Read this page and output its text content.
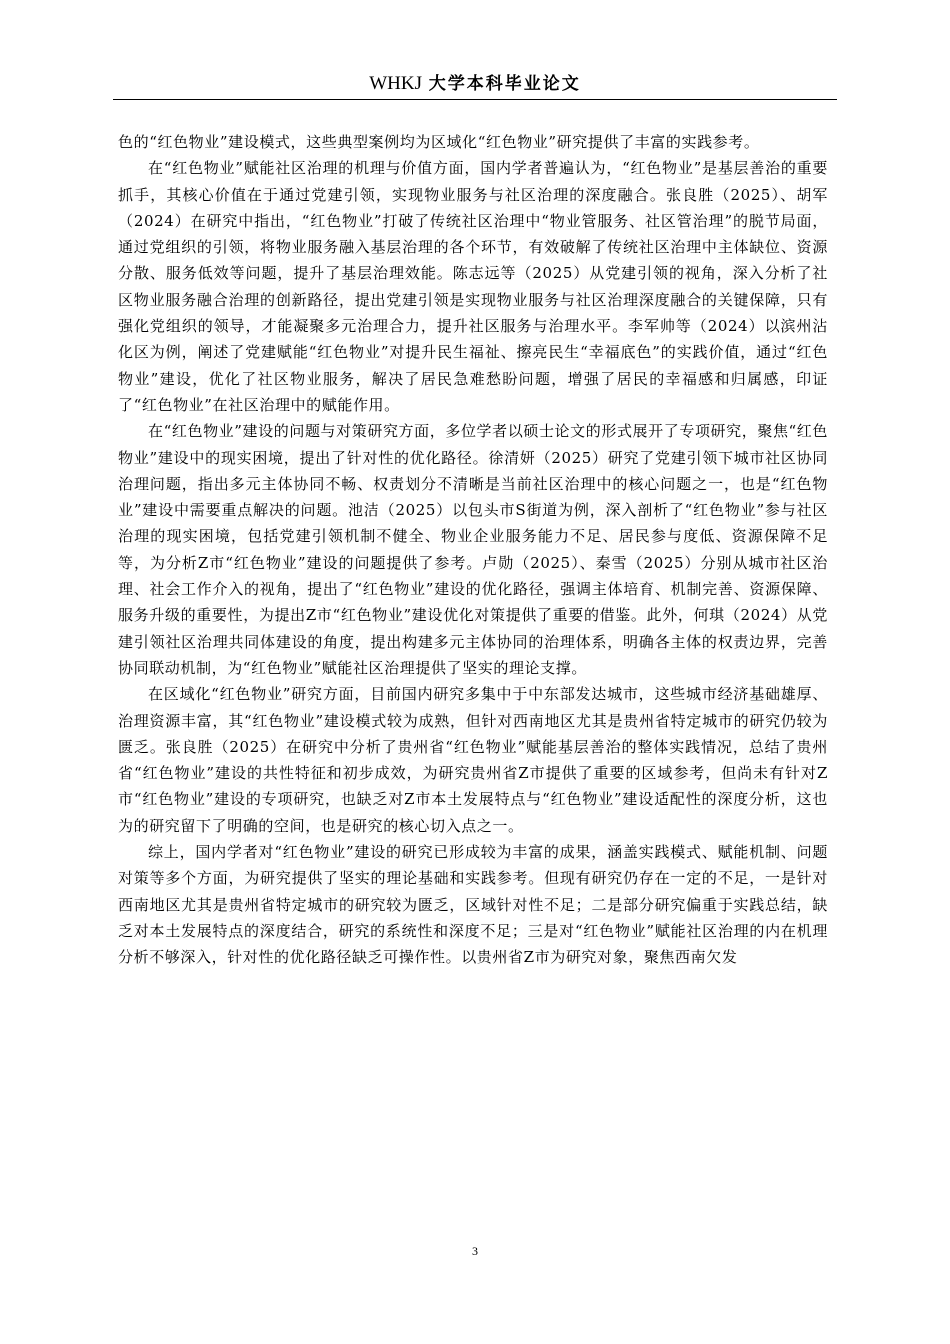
WHKJ 大学本科毕业论文

色的“红色物业”建设模式，这些典型案例均为区域化“红色物业”研究提供了丰富的实践参考。

在“红色物业”赋能社区治理的机理与价值方面，国内学者普遍认为，“红色物业”是基层善治的重要抓手，其核心价值在于通过党建引领，实现物业服务与社区治理的深度融合。张良胜（2025）、胡军（2024）在研究中指出，“红色物业”打破了传统社区治理中“物业管服务、社区管治理”的脱节局面，通过党组织的引领，将物业服务融入基层治理的各个环节，有效破解了传统社区治理中主体缺位、资源分散、服务低效等问题，提升了基层治理效能。陈志远等（2025）从党建引领的视角，深入分析了社区物业服务融合治理的创新路径，提出党建引领是实现物业服务与社区治理深度融合的关键保障，只有强化党组织的领导，才能凝聚多元治理合力，提升社区服务与治理水平。李军帅等（2024）以滨州沾化区为例，阐述了党建赋能“红色物业”对提升民生福祉、擦亮民生“幸福底色”的实践价值，通过“红色物业”建设，优化了社区物业服务，解决了居民急难愁盼问题，增强了居民的幸福感和归属感，印证了“红色物业”在社区治理中的赋能作用。

在“红色物业”建设的问题与对策研究方面，多位学者以硕士论文的形式展开了专项研究，聚焦“红色物业”建设中的现实困境，提出了针对性的优化路径。徐清妍（2025）研究了党建引领下城市社区协同治理问题，指出多元主体协同不畅、权责划分不清晰是当前社区治理中的核心问题之一，也是“红色物业”建设中需要重点解决的问题。池洁（2025）以包头市S街道为例，深入剖析了“红色物业”参与社区治理的现实困境，包括党建引领机制不健全、物业企业服务能力不足、居民参与度低、资源保障不足等，为分析Z市“红色物业”建设的问题提供了参考。卢勋（2025）、秦雪（2025）分别从城市社区治理、社会工作介入的视角，提出了“红色物业”建设的优化路径，强调主体培育、机制完善、资源保障、服务升级的重要性，为提出Z市“红色物业”建设优化对策提供了重要的借鉴。此外，何琪（2024）从党建引领社区治理共同体建设的角度，提出构建多元主体协同的治理体系，明确各主体的权责边界，完善协同联动机制，为“红色物业”赋能社区治理提供了坚实的理论支撑。

在区域化“红色物业”研究方面，目前国内研究多集中于中东部发达城市，这些城市经济基础雄厚、治理资源丰富，其“红色物业”建设模式较为成熟，但针对西南地区尤其是贵州省特定城市的研究仍较为匮乏。张良胜（2025）在研究中分析了贵州省“红色物业”赋能基层善治的整体实践情况，总结了贵州省“红色物业”建设的共性特征和初步成效，为研究贵州省Z市提供了重要的区域参考，但尚未有针对Z市“红色物业”建设的专项研究，也缺乏对Z市本土发展特点与“红色物业”建设适配性的深度分析，这也为的研究留下了明确的空间，也是研究的核心切入点之一。

综上，国内学者对“红色物业”建设的研究已形成较为丰富的成果，涵盖实践模式、赋能机制、问题对策等多个方面，为研究提供了坚实的理论基础和实践参考。但现有研究仍存在一定的不足，一是针对西南地区尤其是贵州省特定城市的研究较为匮乏，区域针对性不足；二是部分研究偏重于实践总结，缺乏对本土发展特点的深度结合，研究的系统性和深度不足；三是对“红色物业”赋能社区治理的内在机理分析不够深入，针对性的优化路径缺乏可操作性。以贵州省Z市为研究对象，聚焦西南欠发

3
